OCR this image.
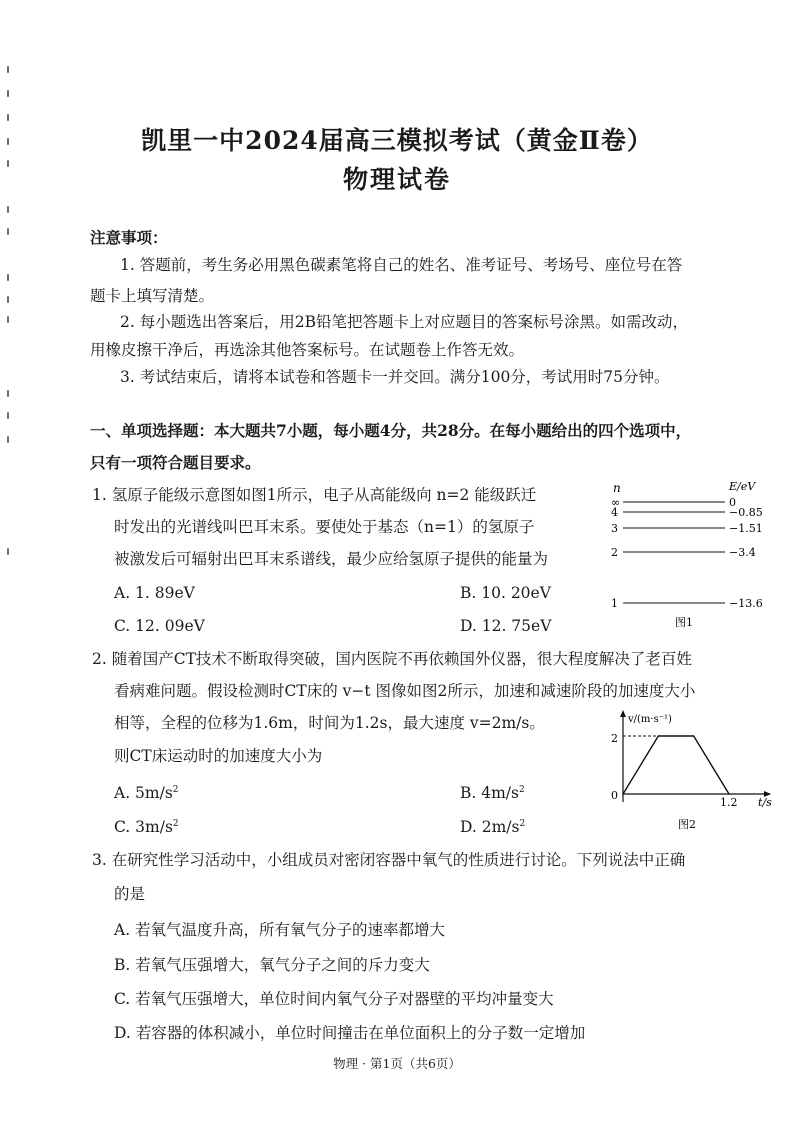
凯里一中2024届高三模拟考试（黄金Ⅱ卷）
物理试卷
注意事项：
1. 答题前，考生务必用黑色碳素笔将自己的姓名、准考证号、考场号、座位号在答
题卡上填写清楚。
2. 每小题选出答案后，用2B铅笔把答题卡上对应题目的答案标号涂黑。如需改动，
用橡皮擦干净后，再选涂其他答案标号。在试题卷上作答无效。
3. 考试结束后，请将本试卷和答题卡一并交回。满分100分，考试用时75分钟。
一、单项选择题：本大题共7小题，每小题4分，共28分。在每小题给出的四个选项中，
只有一项符合题目要求。
1. 氢原子能级示意图如图1所示，电子从高能级向 n=2 能级跃迁
时发出的光谱线叫巴耳末系。要使处于基态（n=1）的氢原子
被激发后可辐射出巴耳末系谱线，最少应给氢原子提供的能量为
A. 1. 89eV	B. 10. 20eV
C. 12. 09eV	D. 12. 75eV
n	E/eV
∞	0
4	−0.85
3	−1.51
2	−3.4
1	−13.6
图1
2. 随着国产CT技术不断取得突破，国内医院不再依赖国外仪器，很大程度解决了老百姓
看病难问题。假设检测时CT床的 v−t 图像如图2所示，加速和减速阶段的加速度大小
相等，全程的位移为1.6m，时间为1.2s，最大速度 v=2m/s。
则CT床运动时的加速度大小为
A. $5m/s^2$	B. $4m/s^2$
C. $3m/s^2$	D. $2m/s^2$
v/(m·s⁻¹)
t/s
0
2
1.2
图2
3. 在研究性学习活动中，小组成员对密闭容器中氧气的性质进行讨论。下列说法中正确
的是
A. 若氧气温度升高，所有氧气分子的速率都增大
B. 若氧气压强增大，氧气分子之间的斥力变大
C. 若氧气压强增大，单位时间内氧气分子对器壁的平均冲量变大
D. 若容器的体积减小，单位时间撞击在单位面积上的分子数一定增加
物理 · 第1页（共6页）
